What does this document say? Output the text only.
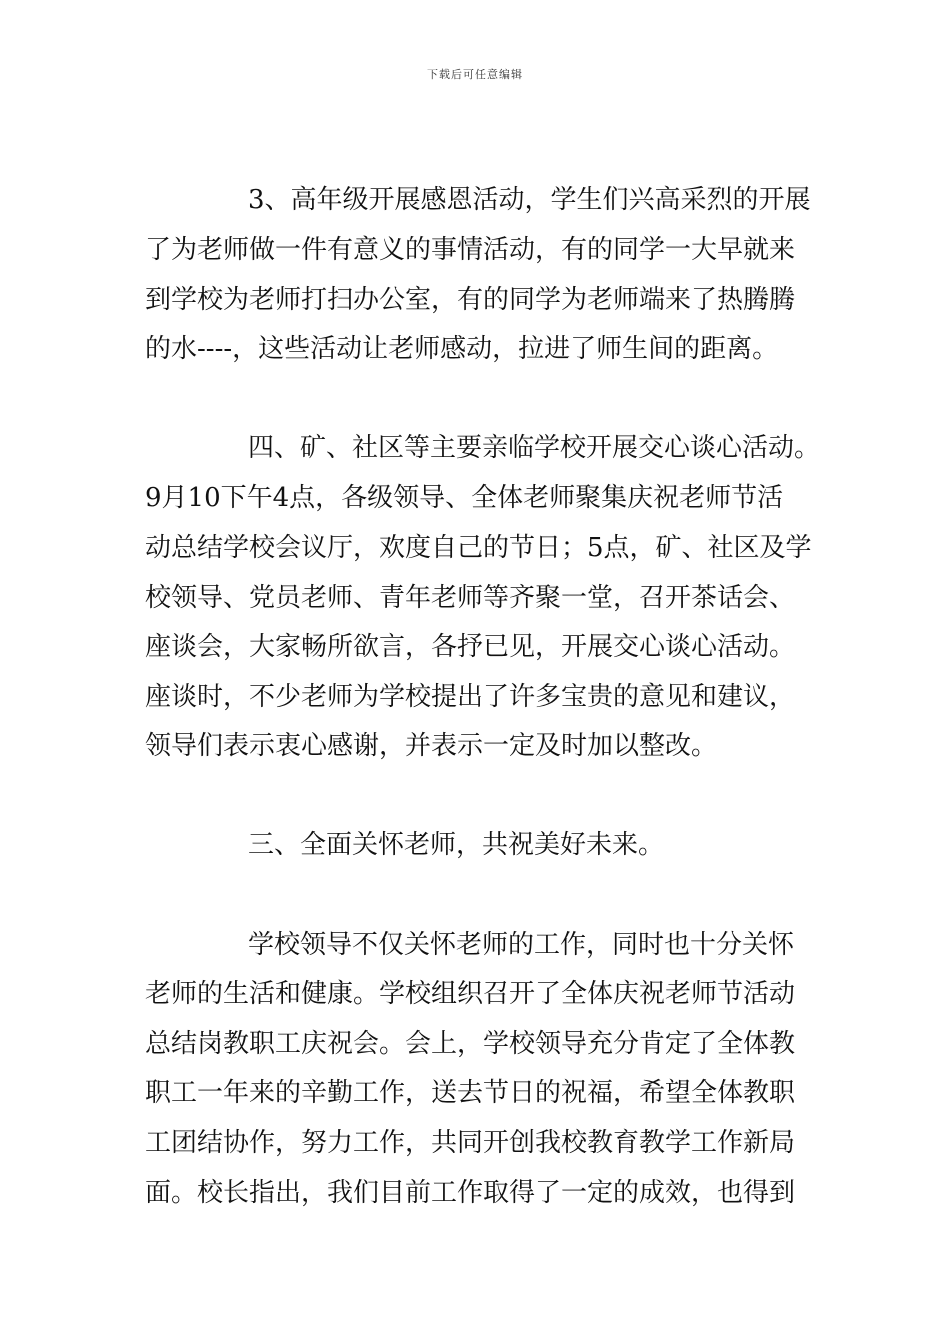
下载后可任意编辑
3、高年级开展感恩活动，学生们兴高采烈的开展
了为老师做一件有意义的事情活动，有的同学一大早就来
到学校为老师打扫办公室，有的同学为老师端来了热腾腾
的水----，这些活动让老师感动，拉进了师生间的距离。
四、矿、社区等主要亲临学校开展交心谈心活动。
9月10下午4点，各级领导、全体老师聚集庆祝老师节活
动总结学校会议厅，欢度自己的节日；5点，矿、社区及学
校领导、党员老师、青年老师等齐聚一堂，召开茶话会、
座谈会，大家畅所欲言，各抒已见，开展交心谈心活动。
座谈时，不少老师为学校提出了许多宝贵的意见和建议，
领导们表示衷心感谢，并表示一定及时加以整改。
三、全面关怀老师，共祝美好未来。
学校领导不仅关怀老师的工作，同时也十分关怀
老师的生活和健康。学校组织召开了全体庆祝老师节活动
总结岗教职工庆祝会。会上，学校领导充分肯定了全体教
职工一年来的辛勤工作，送去节日的祝福，希望全体教职
工团结协作，努力工作，共同开创我校教育教学工作新局
面。校长指出，我们目前工作取得了一定的成效，也得到
